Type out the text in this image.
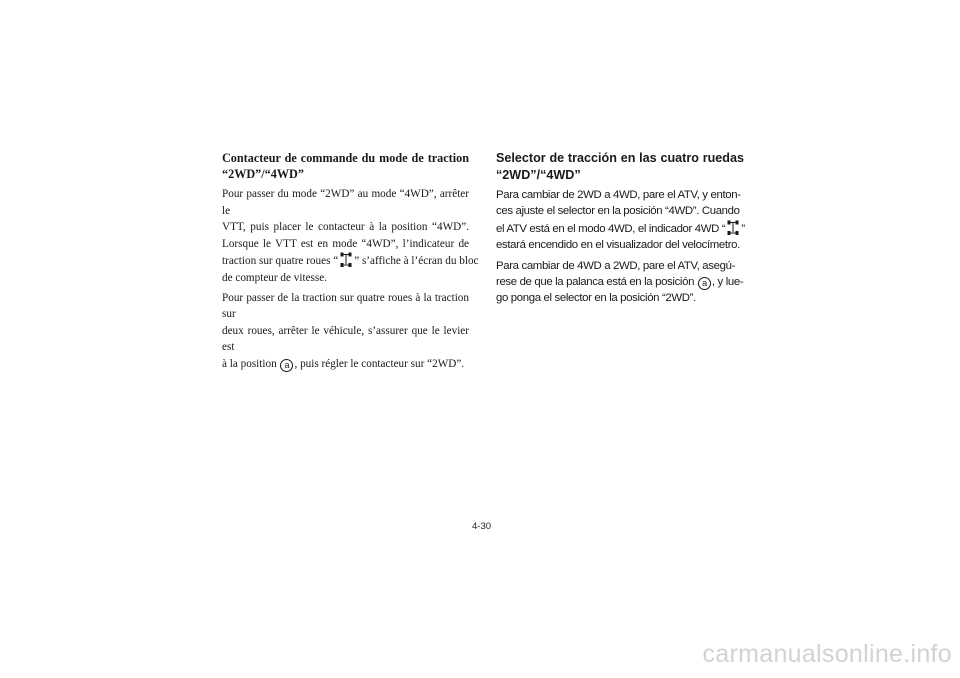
Contacteur de commande du mode de traction
“2WD”/“4WD”
Pour passer du mode “2WD” au mode “4WD”, arrêter le
VTT, puis placer le contacteur à la position “4WD”.
Lorsque le VTT est en mode “4WD”, l’indicateur de
traction sur quatre roues “ ” s’affiche à l’écran du bloc
de compteur de vitesse.
Pour passer de la traction sur quatre roues à la traction sur
deux roues, arrêter le véhicule, s’assurer que le levier est
à la position a , puis régler le contacteur sur “2WD”.
Selector de tracción en las cuatro ruedas
“2WD”/“4WD”
Para cambiar de 2WD a 4WD, pare el ATV, y enton-
ces ajuste el selector en la posición “4WD”. Cuando
el ATV está en el modo 4WD, el indicador 4WD “ ”
estará encendido en el visualizador del velocímetro.
Para cambiar de 4WD a 2WD, pare el ATV, asegú-
rese de que la palanca está en la posición a , y lue-
go ponga el selector en la posición “2WD”.
4-30
carmanualsonline.info
